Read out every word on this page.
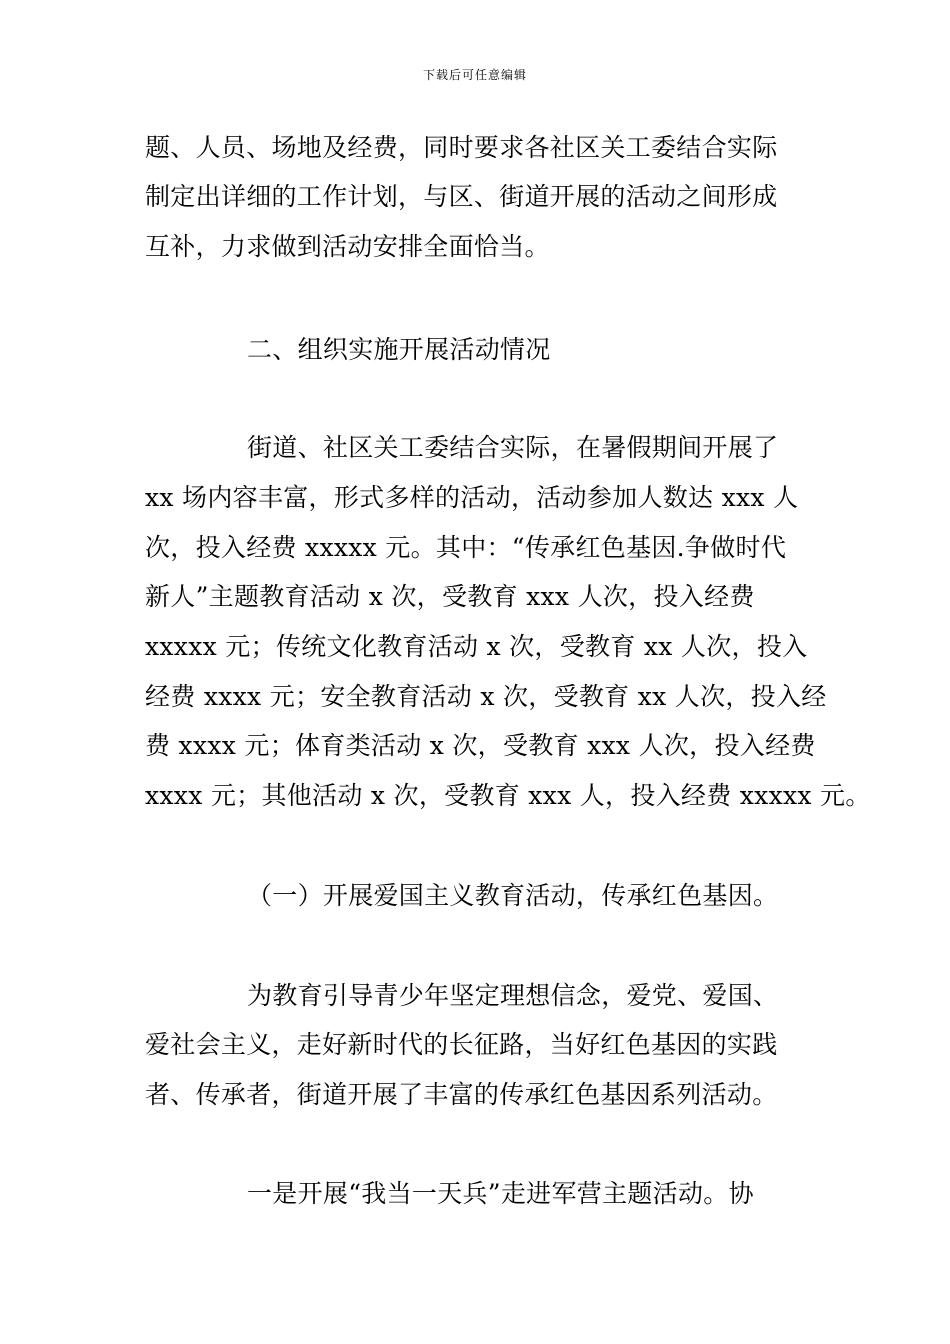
下载后可任意编辑
题、人员、场地及经费，同时要求各社区关工委结合实际
制定出详细的工作计划，与区、街道开展的活动之间形成
互补，力求做到活动安排全面恰当。
二、组织实施开展活动情况
街道、社区关工委结合实际，在暑假期间开展了
xx 场内容丰富，形式多样的活动，活动参加人数达 xxx 人
次，投入经费 xxxxx 元。其中：“传承红色基因.争做时代
新人”主题教育活动 x 次，受教育 xxx 人次，投入经费
xxxxx 元；传统文化教育活动 x 次，受教育 xx 人次，投入
经费 xxxx 元；安全教育活动 x 次，受教育 xx 人次，投入经
费 xxxx 元；体育类活动 x 次，受教育 xxx 人次，投入经费
xxxx 元；其他活动 x 次，受教育 xxx 人，投入经费 xxxxx 元。
（一）开展爱国主义教育活动，传承红色基因。
为教育引导青少年坚定理想信念，爱党、爱国、
爱社会主义，走好新时代的长征路，当好红色基因的实践
者、传承者，街道开展了丰富的传承红色基因系列活动。
一是开展“我当一天兵”走进军营主题活动。协
